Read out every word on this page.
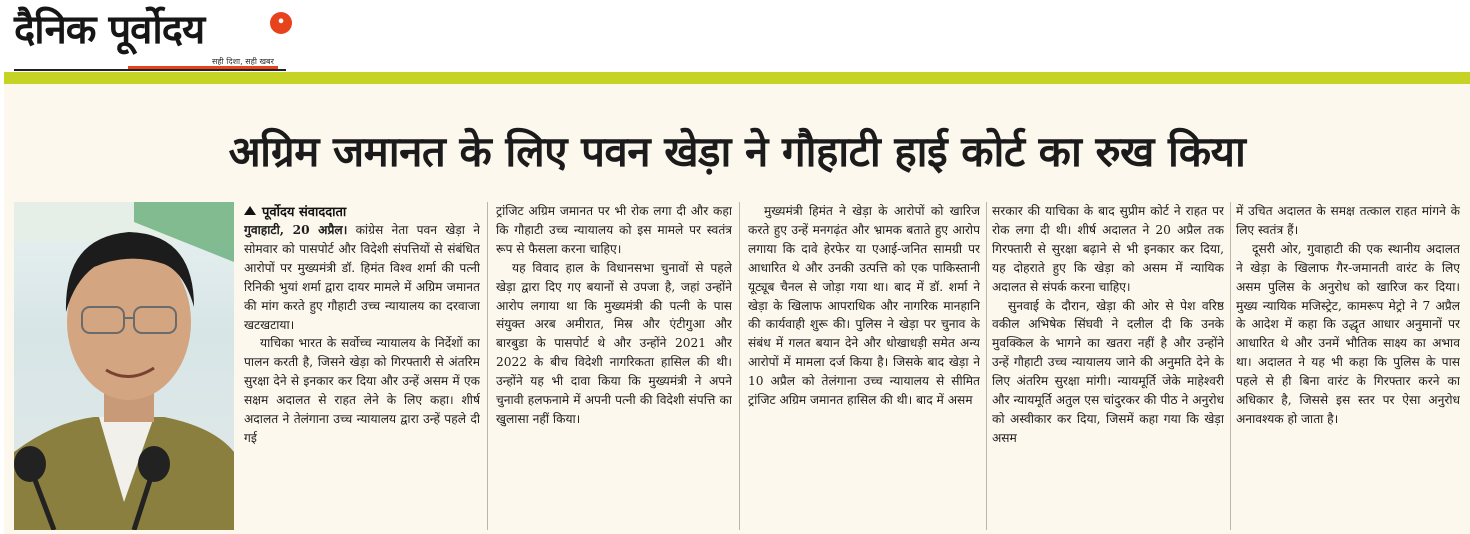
दैनिक पूर्वोदय	•
सही दिशा, सही खबर
अग्रिम जमानत के लिए पवन खेड़ा ने गौहाटी हाई कोर्ट का रुख किया
पूर्वोदय संवाददाता

गुवाहाटी, 20 अप्रैल। कांग्रेस नेता पवन खेड़ा ने सोमवार को पासपोर्ट और विदेशी संपत्तियों से संबंधित आरोपों पर मुख्यमंत्री डॉ. हिमंत विश्व शर्मा की पत्नी रिनिकी भुयां शर्मा द्वारा दायर मामले में अग्रिम जमानत की मांग करते हुए गौहाटी उच्च न्यायालय का दरवाजा खटखटाया।

याचिका भारत के सर्वोच्च न्यायालय के निर्देशों का पालन करती है, जिसने खेड़ा को गिरफ्तारी से अंतरिम सुरक्षा देने से इनकार कर दिया और उन्हें असम में एक सक्षम अदालत से राहत लेने के लिए कहा। शीर्ष अदालत ने तेलंगाना उच्च न्यायालय द्वारा उन्हें पहले दी गई

ट्रांजिट अग्रिम जमानत पर भी रोक लगा दी और कहा कि गौहाटी उच्च न्यायालय को इस मामले पर स्वतंत्र रूप से फैसला करना चाहिए।

यह विवाद हाल के विधानसभा चुनावों से पहले खेड़ा द्वारा दिए गए बयानों से उपजा है, जहां उन्होंने आरोप लगाया था कि मुख्यमंत्री की पत्नी के पास संयुक्त अरब अमीरात, मिस्र और एंटीगुआ और बारबुडा के पासपोर्ट थे और उन्होंने 2021 और 2022 के बीच विदेशी नागरिकता हासिल की थी। उन्होंने यह भी दावा किया कि मुख्यमंत्री ने अपने चुनावी हलफनामे में अपनी पत्नी की विदेशी संपत्ति का खुलासा नहीं किया।

मुख्यमंत्री हिमंत ने खेड़ा के आरोपों को खारिज करते हुए उन्हें मनगढ़ंत और भ्रामक बताते हुए आरोप लगाया कि दावे हेरफेर या एआई-जनित सामग्री पर आधारित थे और उनकी उत्पत्ति को एक पाकिस्तानी यूट्यूब चैनल से जोड़ा गया था। बाद में डॉ. शर्मा ने खेड़ा के खिलाफ आपराधिक और नागरिक मानहानि की कार्यवाही शुरू की। पुलिस ने खेड़ा पर चुनाव के संबंध में गलत बयान देने और धोखाधड़ी समेत अन्य आरोपों में मामला दर्ज किया है। जिसके बाद खेड़ा ने 10 अप्रैल को तेलंगाना उच्च न्यायालय से सीमित ट्रांजिट अग्रिम जमानत हासिल की थी। बाद में असम

सरकार की याचिका के बाद सुप्रीम कोर्ट ने राहत पर रोक लगा दी थी। शीर्ष अदालत ने 20 अप्रैल तक गिरफ्तारी से सुरक्षा बढ़ाने से भी इनकार कर दिया, यह दोहराते हुए कि खेड़ा को असम में न्यायिक अदालत से संपर्क करना चाहिए।

सुनवाई के दौरान, खेड़ा की ओर से पेश वरिष्ठ वकील अभिषेक सिंघवी ने दलील दी कि उनके मुवक्किल के भागने का खतरा नहीं है और उन्होंने उन्हें गौहाटी उच्च न्यायालय जाने की अनुमति देने के लिए अंतरिम सुरक्षा मांगी। न्यायमूर्ति जेके माहेश्वरी और न्यायमूर्ति अतुल एस चांदुरकर की पीठ ने अनुरोध को अस्वीकार कर दिया, जिसमें कहा गया कि खेड़ा असम

में उचित अदालत के समक्ष तत्काल राहत मांगने के लिए स्वतंत्र हैं।

दूसरी ओर, गुवाहाटी की एक स्थानीय अदालत ने खेड़ा के खिलाफ गैर-जमानती वारंट के लिए असम पुलिस के अनुरोध को खारिज कर दिया। मुख्य न्यायिक मजिस्ट्रेट, कामरूप मेट्रो ने 7 अप्रैल के आदेश में कहा कि उद्धृत आधार अनुमानों पर आधारित थे और उनमें भौतिक साक्ष्य का अभाव था। अदालत ने यह भी कहा कि पुलिस के पास पहले से ही बिना वारंट के गिरफ्तार करने का अधिकार है, जिससे इस स्तर पर ऐसा अनुरोध अनावश्यक हो जाता है।
